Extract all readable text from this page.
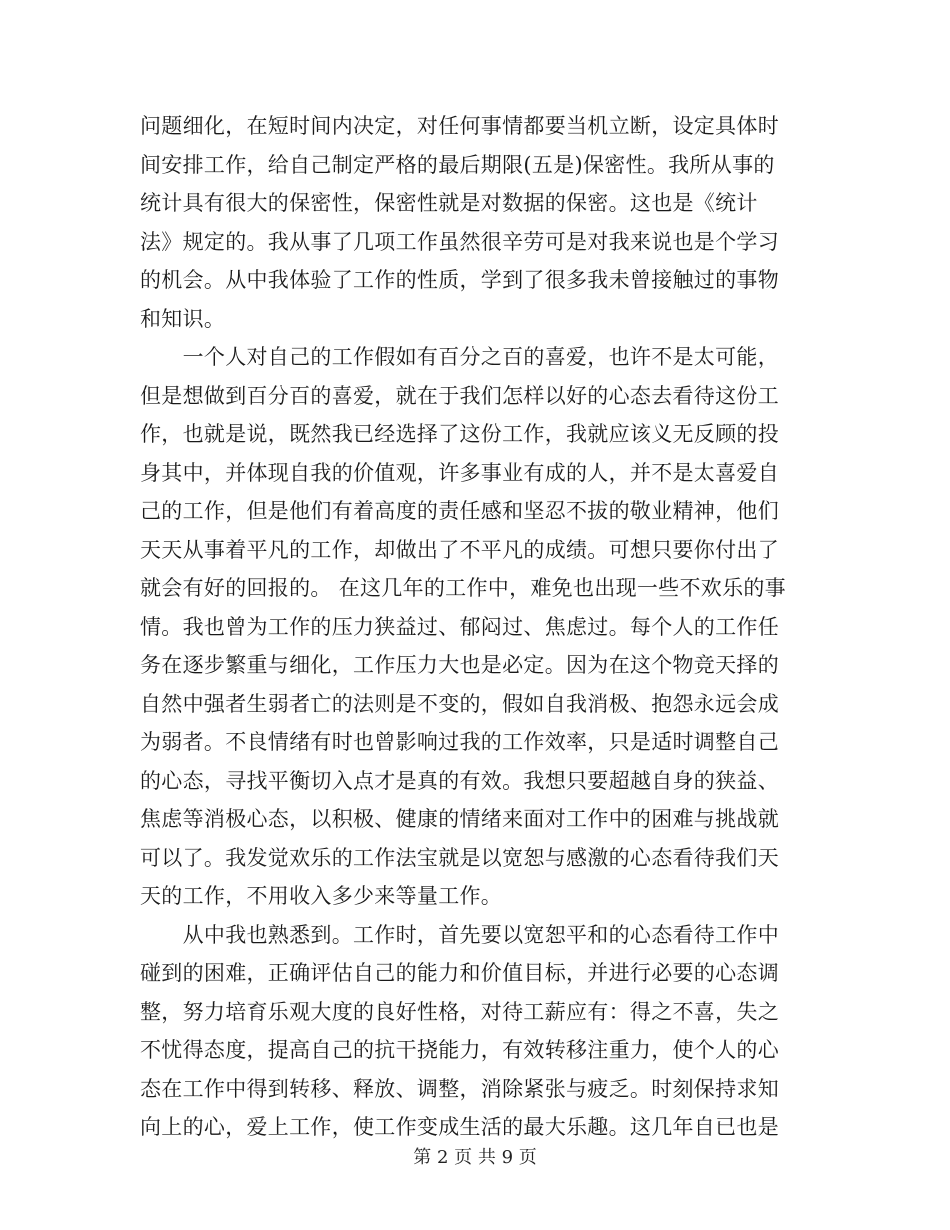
问题细化，在短时间内决定，对任何事情都要当机立断，设定具体时
间安排工作，给自己制定严格的最后期限(五是)保密性。我所从事的
统计具有很大的保密性，保密性就是对数据的保密。这也是《统计
法》规定的。我从事了几项工作虽然很辛劳可是对我来说也是个学习
的机会。从中我体验了工作的性质，学到了很多我未曾接触过的事物
和知识。
　　一个人对自己的工作假如有百分之百的喜爱，也许不是太可能，
但是想做到百分百的喜爱，就在于我们怎样以好的心态去看待这份工
作，也就是说，既然我已经选择了这份工作，我就应该义无反顾的投
身其中，并体现自我的价值观，许多事业有成的人，并不是太喜爱自
己的工作，但是他们有着高度的责任感和坚忍不拔的敬业精神，他们
天天从事着平凡的工作，却做出了不平凡的成绩。可想只要你付出了
就会有好的回报的。 在这几年的工作中，难免也出现一些不欢乐的事
情。我也曾为工作的压力狭益过、郁闷过、焦虑过。每个人的工作任
务在逐步繁重与细化，工作压力大也是必定。因为在这个物竞天择的
自然中强者生弱者亡的法则是不变的，假如自我消极、抱怨永远会成
为弱者。不良情绪有时也曾影响过我的工作效率，只是适时调整自己
的心态，寻找平衡切入点才是真的有效。我想只要超越自身的狭益、
焦虑等消极心态，以积极、健康的情绪来面对工作中的困难与挑战就
可以了。我发觉欢乐的工作法宝就是以宽恕与感激的心态看待我们天
天的工作，不用收入多少来等量工作。
　　从中我也熟悉到。工作时，首先要以宽恕平和的心态看待工作中
碰到的困难，正确评估自己的能力和价值目标，并进行必要的心态调
整，努力培育乐观大度的良好性格，对待工薪应有：得之不喜，失之
不忧得态度，提高自己的抗干挠能力，有效转移注重力，使个人的心
态在工作中得到转移、释放、调整，消除紧张与疲乏。时刻保持求知
向上的心，爱上工作，使工作变成生活的最大乐趣。这几年自已也是
第 2 页 共 9 页
